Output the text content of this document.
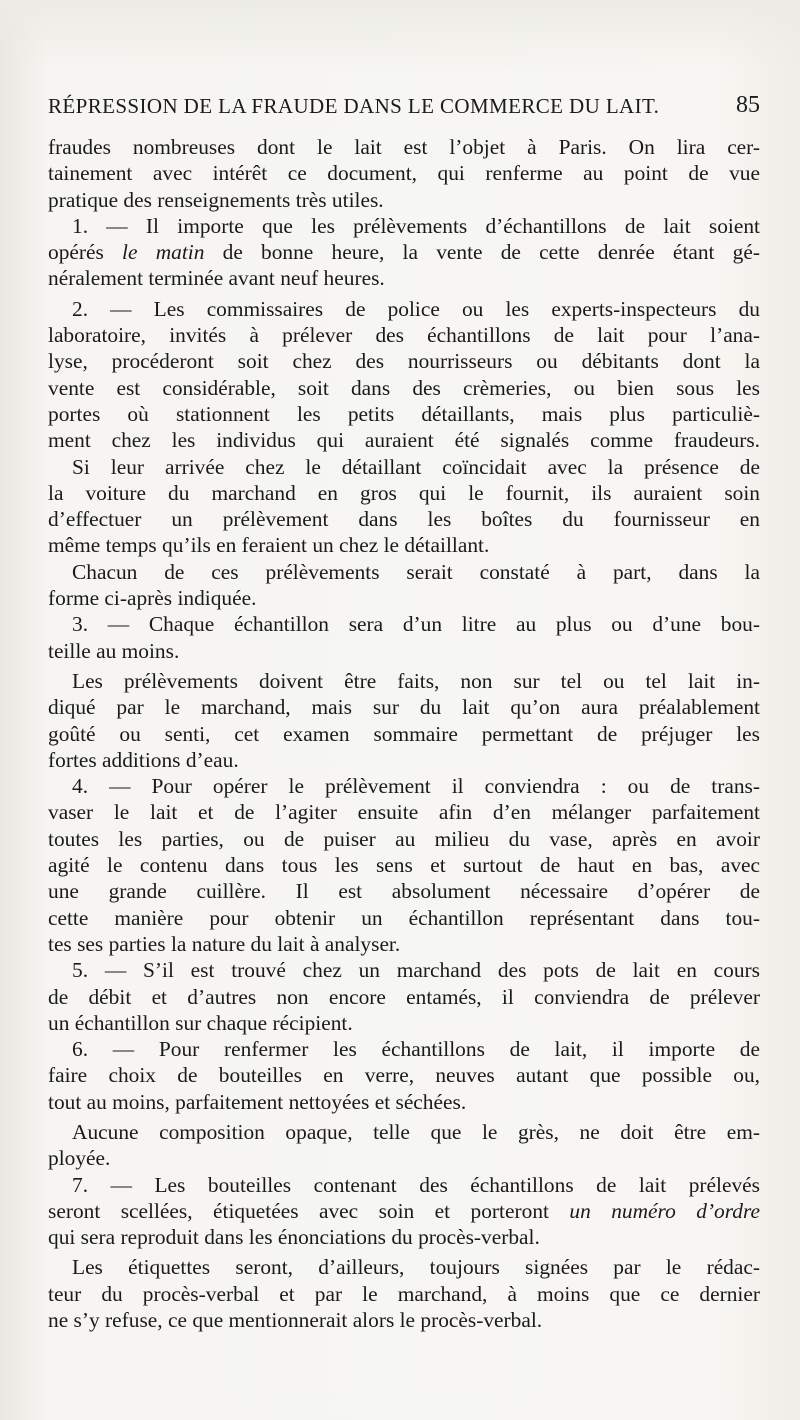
RÉPRESSION DE LA FRAUDE DANS LE COMMERCE DU LAIT.	85
fraudes nombreuses dont le lait est l’objet à Paris. On lira cer-
tainement avec intérêt ce document, qui renferme au point de vue
pratique des renseignements très utiles.
1. — Il importe que les prélèvements d’échantillons de lait soient
opérés le matin de bonne heure, la vente de cette denrée étant gé-
néralement terminée avant neuf heures.
2. — Les commissaires de police ou les experts-inspecteurs du
laboratoire, invités à prélever des échantillons de lait pour l’ana-
lyse, procéderont soit chez des nourrisseurs ou débitants dont la
vente est considérable, soit dans des crèmeries, ou bien sous les
portes où stationnent les petits détaillants, mais plus particuliè-
ment chez les individus qui auraient été signalés comme fraudeurs.
Si leur arrivée chez le détaillant coïncidait avec la présence de
la voiture du marchand en gros qui le fournit, ils auraient soin
d’effectuer un prélèvement dans les boîtes du fournisseur en
même temps qu’ils en feraient un chez le détaillant.
Chacun de ces prélèvements serait constaté à part, dans la
forme ci-après indiquée.
3. — Chaque échantillon sera d’un litre au plus ou d’une bou-
teille au moins.
Les prélèvements doivent être faits, non sur tel ou tel lait in-
diqué par le marchand, mais sur du lait qu’on aura préalablement
goûté ou senti, cet examen sommaire permettant de préjuger les
fortes additions d’eau.
4. — Pour opérer le prélèvement il conviendra : ou de trans-
vaser le lait et de l’agiter ensuite afin d’en mélanger parfaitement
toutes les parties, ou de puiser au milieu du vase, après en avoir
agité le contenu dans tous les sens et surtout de haut en bas, avec
une grande cuillère. Il est absolument nécessaire d’opérer de
cette manière pour obtenir un échantillon représentant dans tou-
tes ses parties la nature du lait à analyser.
5. — S’il est trouvé chez un marchand des pots de lait en cours
de débit et d’autres non encore entamés, il conviendra de prélever
un échantillon sur chaque récipient.
6. — Pour renfermer les échantillons de lait, il importe de
faire choix de bouteilles en verre, neuves autant que possible ou,
tout au moins, parfaitement nettoyées et séchées.
Aucune composition opaque, telle que le grès, ne doit être em-
ployée.
7. — Les bouteilles contenant des échantillons de lait prélevés
seront scellées, étiquetées avec soin et porteront un numéro d’ordre
qui sera reproduit dans les énonciations du procès-verbal.
Les étiquettes seront, d’ailleurs, toujours signées par le rédac-
teur du procès-verbal et par le marchand, à moins que ce dernier
ne s’y refuse, ce que mentionnerait alors le procès-verbal.
